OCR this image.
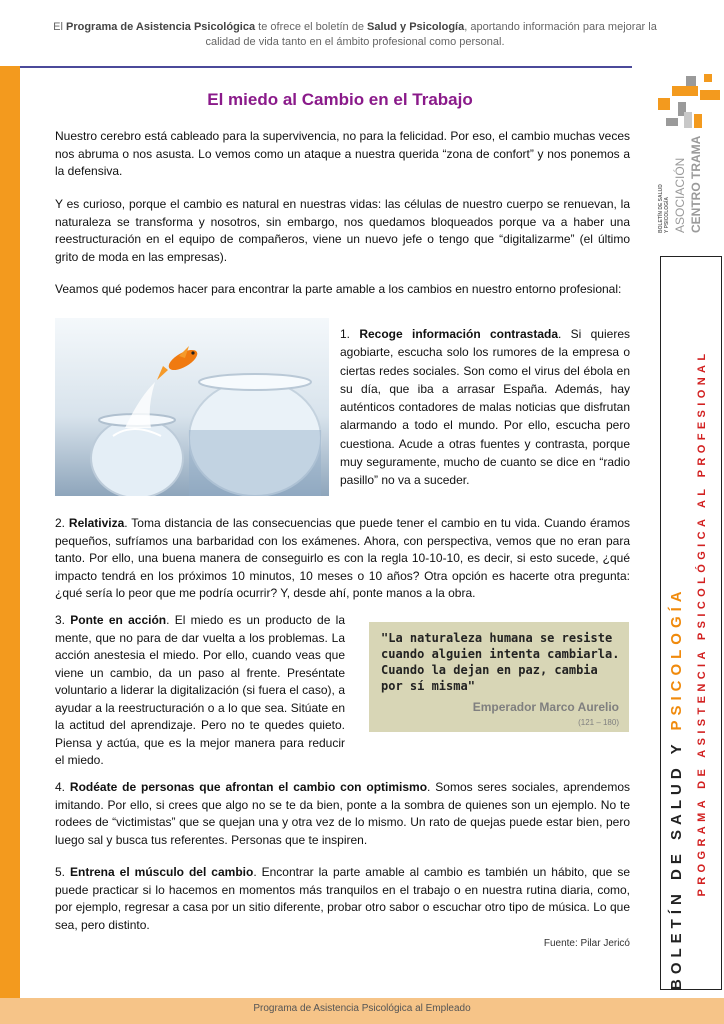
El Programa de Asistencia Psicológica te ofrece el boletín de Salud y Psicología, aportando información para mejorar la calidad de vida tanto en el ámbito profesional como personal.
El miedo al Cambio en el Trabajo

Nuestro cerebro está cableado para la supervivencia, no para la felicidad. Por eso, el cambio muchas veces nos abruma o nos asusta. Lo vemos como un ataque a nuestra querida “zona de confort” y nos ponemos a la defensiva.

Y es curioso, porque el cambio es natural en nuestras vidas: las células de nuestro cuerpo se renuevan, la naturaleza se transforma y nosotros, sin embargo, nos quedamos bloqueados porque va a haber una reestructuración en el equipo de compañeros, viene un nuevo jefe o tengo que “digitalizarme” (el último grito de moda en las empresas).

Veamos qué podemos hacer para encontrar la parte amable a los cambios en nuestro entorno profesional:

1. Recoge información contrastada. Si quieres agobiarte, escucha solo los rumores de la empresa o ciertas redes sociales. Son como el virus del ébola en su día, que iba a arrasar España. Además, hay auténticos contadores de malas noticias que disfrutan alarmando a todo el mundo. Por ello, escucha pero cuestiona. Acude a otras fuentes y contrasta, porque muy seguramente, mucho de cuanto se dice en “radio pasillo” no va a suceder.

2. Relativiza. Toma distancia de las consecuencias que puede tener el cambio en tu vida. Cuando éramos pequeños, sufríamos una barbaridad con los exámenes. Ahora, con perspectiva, vemos que no eran para tanto. Por ello, una buena manera de conseguirlo es con la regla 10-10-10, es decir, si esto sucede, ¿qué impacto tendrá en los próximos 10 minutos, 10 meses o 10 años? Otra opción es hacerte otra pregunta: ¿qué sería lo peor que me podría ocurrir? Y, desde ahí, ponte manos a la obra.

3. Ponte en acción. El miedo es un producto de la mente, que no para de dar vuelta a los problemas. La acción anestesia el miedo. Por ello, cuando veas que viene un cambio, da un paso al frente. Preséntate voluntario a liderar la digitalización (si fuera el caso), a ayudar a la reestructuración o a lo que sea. Sitúate en la actitud del aprendizaje. Pero no te quedes quieto. Piensa y actúa, que es la mejor manera para reducir el miedo.

"La naturaleza humana se resiste cuando alguien intenta cambiarla. Cuando la dejan en paz, cambia por sí misma"

Emperador Marco Aurelio
(121 – 180)

4. Rodéate de personas que afrontan el cambio con optimismo. Somos seres sociales, aprendemos imitando. Por ello, si crees que algo no se te da bien, ponte a la sombra de quienes son un ejemplo. No te rodees de “victimistas” que se quejan una y otra vez de lo mismo. Un rato de quejas puede estar bien, pero luego sal y busca tus referentes. Personas que te inspiren.

5. Entrena el músculo del cambio. Encontrar la parte amable al cambio es también un hábito, que se puede practicar si lo hacemos en momentos más tranquilos en el trabajo o en nuestra rutina diaria, como, por ejemplo, regresar a casa por un sitio diferente, probar otro sabor o escuchar otro tipo de música. Lo que sea, pero distinto.

Fuente: Pilar Jericó
BOLETÍN DE SALUD Y PSICOLOGÍA ASOCIACIÓN CENTRO TRAMA
BOLETÍN DE SALUD Y PSICOLOGÍA PROGRAMA DE ASISTENCIA PSICOLÓGICA AL PROFESIONAL
Programa de Asistencia Psicológica al Empleado
